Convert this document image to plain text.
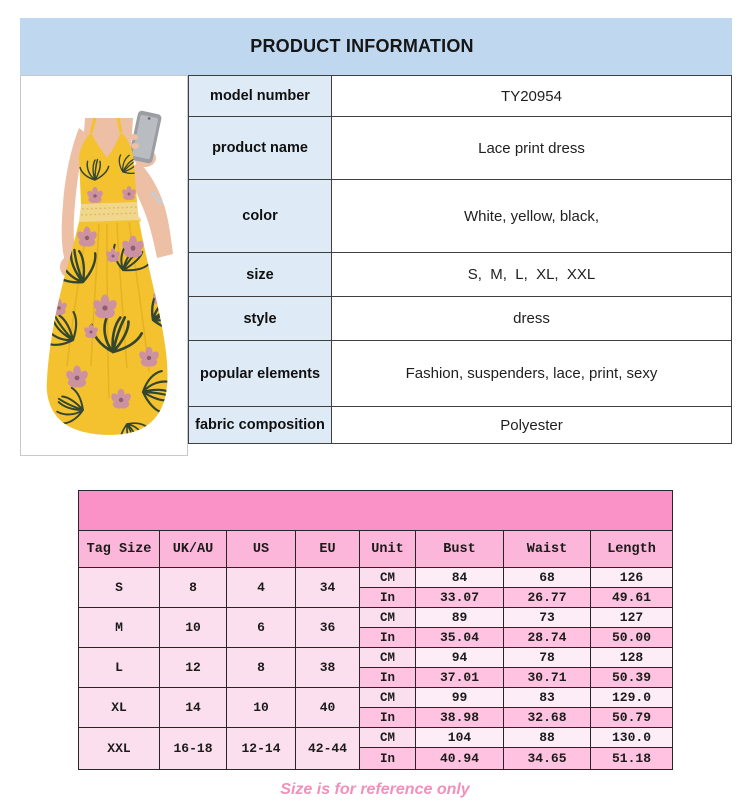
PRODUCT INFORMATION
model number	TY20954
product name	Lace print dress
color	White, yellow, black,
size	S,  M,  L,  XL,  XXL
style	dress
popular elements	Fashion, suspenders, lace, print, sexy
fabric composition	Polyester

Tag Size	UK/AU	US	EU	Unit	Bust	Waist	Length
S	8	4	34	CM	84	68	126
				In	33.07	26.77	49.61
M	10	6	36	CM	89	73	127
				In	35.04	28.74	50.00
L	12	8	38	CM	94	78	128
				In	37.01	30.71	50.39
XL	14	10	40	CM	99	83	129.0
				In	38.98	32.68	50.79
XXL	16-18	12-14	42-44	CM	104	88	130.0
				In	40.94	34.65	51.18
Size is for reference only
